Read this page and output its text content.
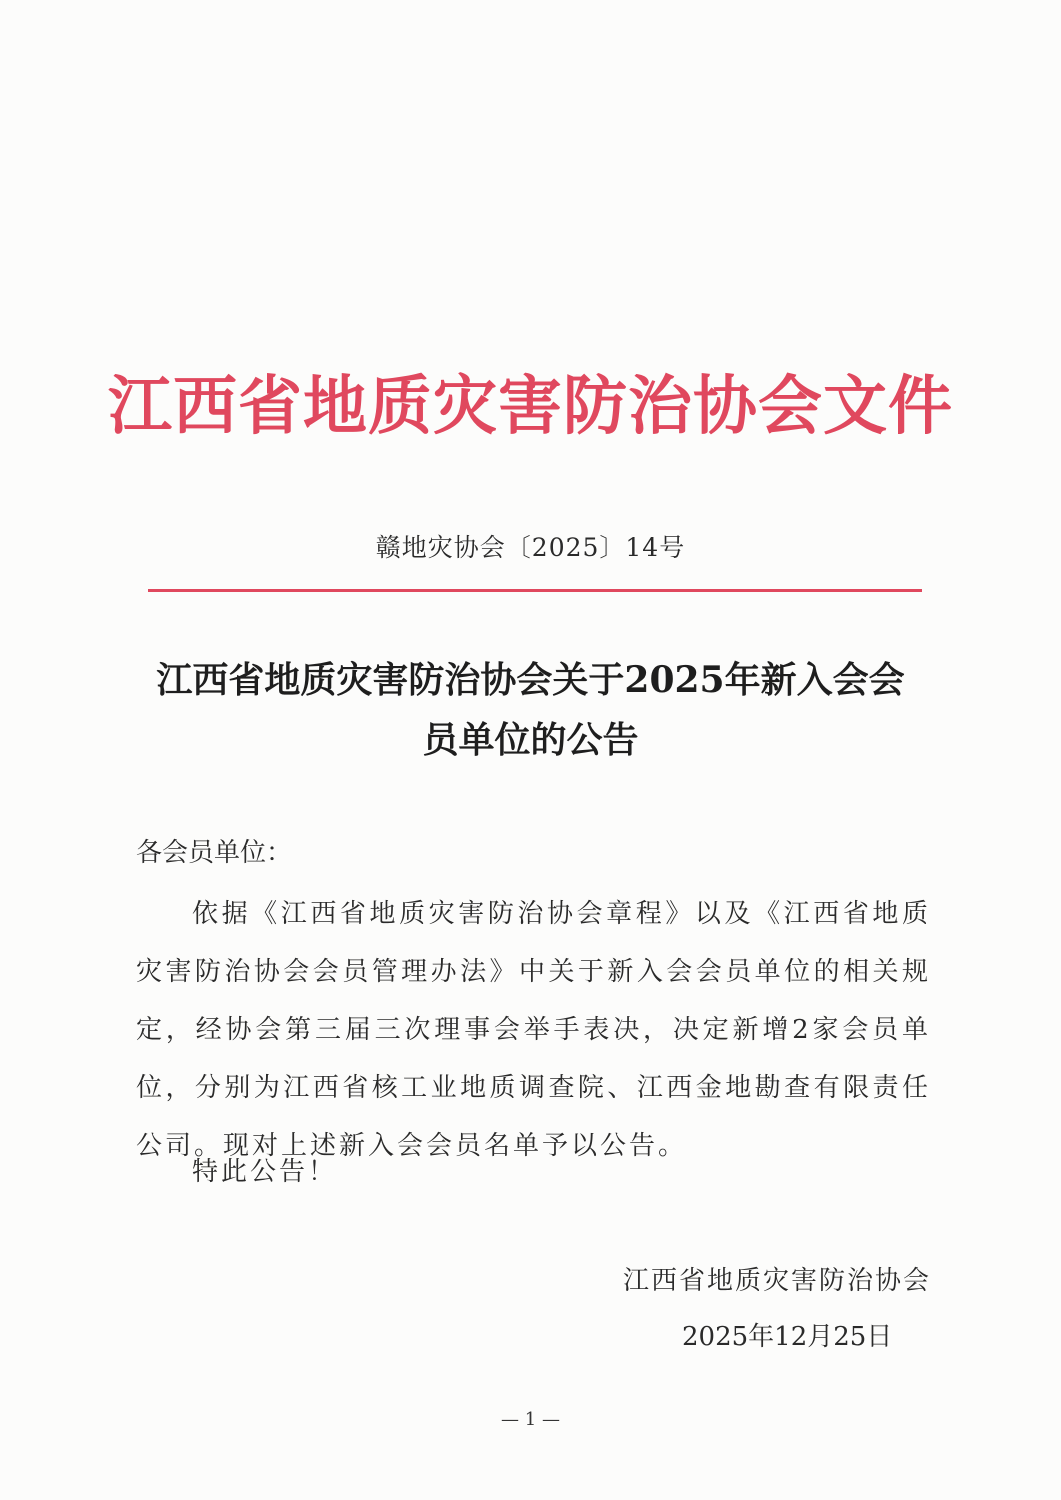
江西省地质灾害防治协会文件
赣地灾协会〔2025〕14号
江西省地质灾害防治协会关于2025年新入会会员单位的公告
各会员单位：
依据《江西省地质灾害防治协会章程》以及《江西省地质灾害防治协会会员管理办法》中关于新入会会员单位的相关规定，经协会第三届三次理事会举手表决，决定新增2家会员单位，分别为江西省核工业地质调查院、江西金地勘查有限责任公司。现对上述新入会会员名单予以公告。
特此公告！
江西省地质灾害防治协会
2025年12月25日
— 1 —
